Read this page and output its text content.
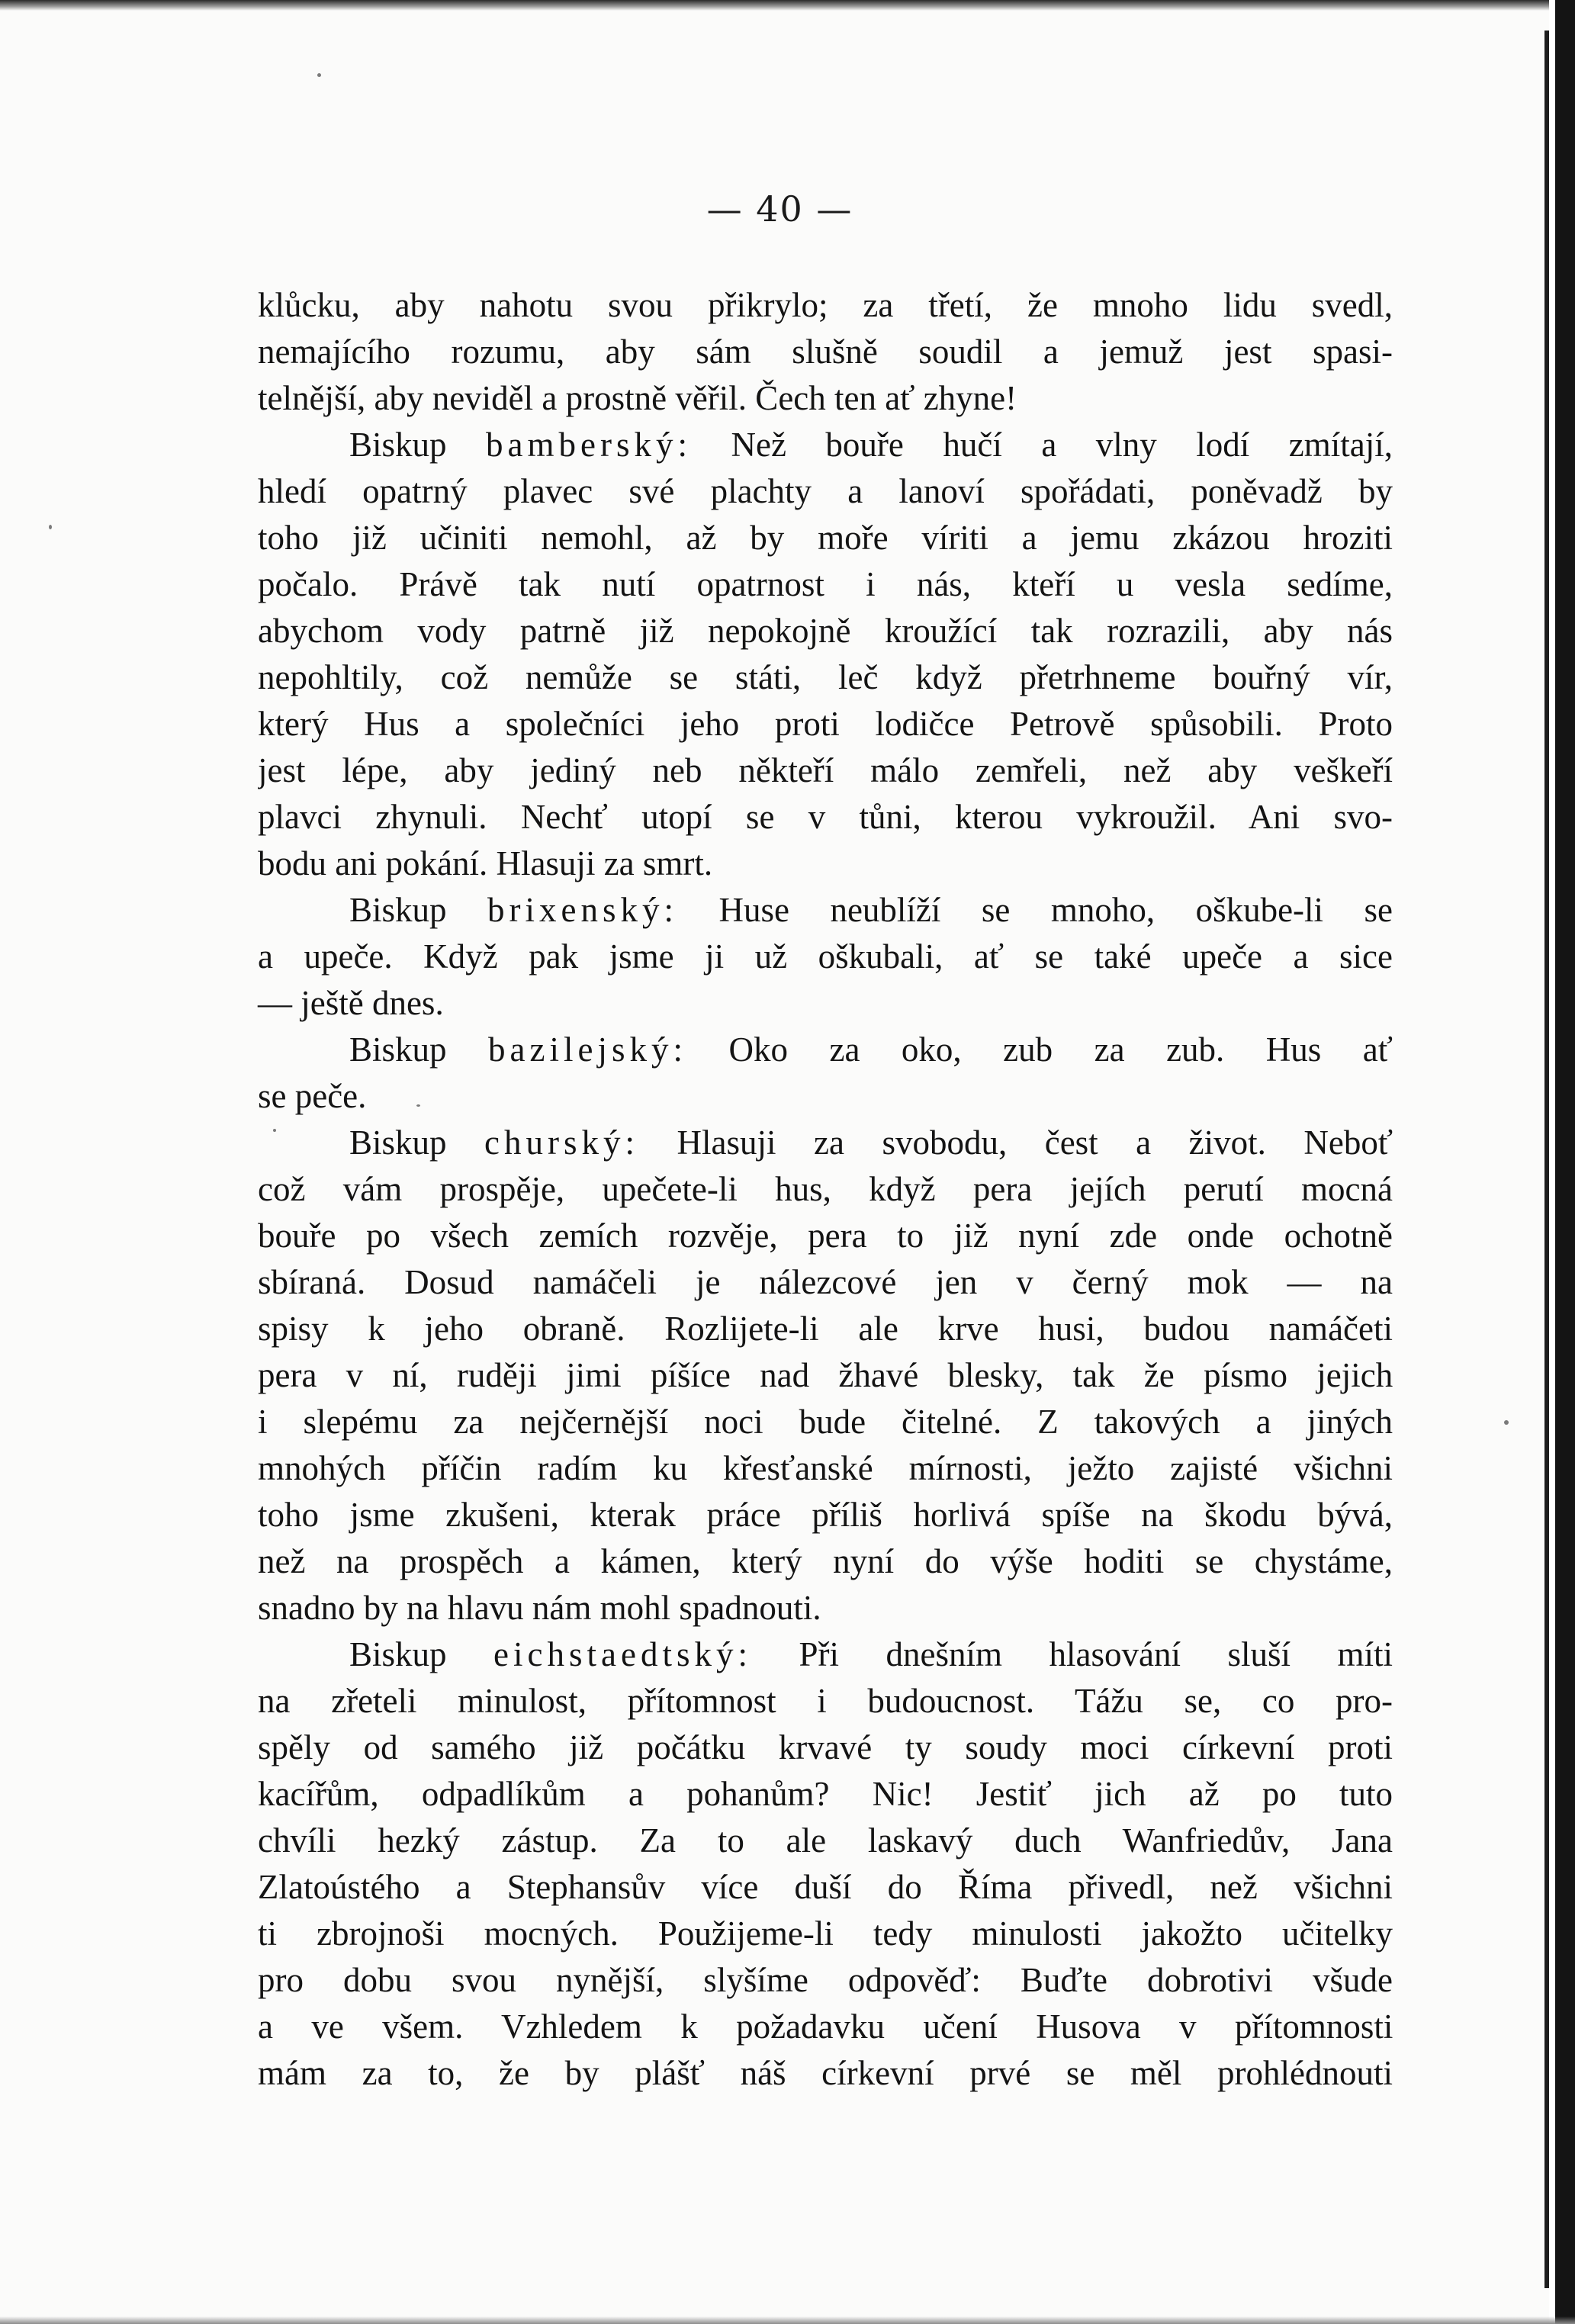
— 40 —
klůcku, aby nahotu svou přikrylo; za třetí, že mnoho lidu svedl,
nemajícího rozumu, aby sám slušně soudil a jemuž jest spasi-
telnější, aby neviděl a prostně věřil. Čech ten ať zhyne!
Biskup bamberský: Než bouře hučí a vlny lodí zmítají,
hledí opatrný plavec své plachty a lanoví spořádati, poněvadž by
toho již učiniti nemohl, až by moře víriti a jemu zkázou hroziti
počalo. Právě tak nutí opatrnost i nás, kteří u vesla sedíme,
abychom vody patrně již nepokojně kroužící tak rozrazili, aby nás
nepohltily, což nemůže se státi, leč když přetrhneme bouřný vír,
který Hus a společníci jeho proti lodičce Petrově spůsobili. Proto
jest lépe, aby jediný neb někteří málo zemřeli, než aby veškeří
plavci zhynuli. Nechť utopí se v tůni, kterou vykroužil. Ani svo-
bodu ani pokání. Hlasuji za smrt.
Biskup brixenský: Huse neublíží se mnoho, oškube-li se
a upeče. Když pak jsme ji už oškubali, ať se také upeče a sice
— ještě dnes.
Biskup bazilejský: Oko za oko, zub za zub. Hus ať
se peče.
Biskup churský: Hlasuji za svobodu, čest a život. Neboť
což vám prospěje, upečete-li hus, když pera jejích perutí mocná
bouře po všech zemích rozvěje, pera to již nyní zde onde ochotně
sbíraná. Dosud namáčeli je nálezcové jen v černý mok — na
spisy k jeho obraně. Rozlijete-li ale krve husi, budou namáčeti
pera v ní, ruději jimi píšíce nad žhavé blesky, tak že písmo jejich
i slepému za nejčernější noci bude čitelné. Z takových a jiných
mnohých příčin radím ku křesťanské mírnosti, ježto zajisté všichni
toho jsme zkušeni, kterak práce příliš horlivá spíše na škodu bývá,
než na prospěch a kámen, který nyní do výše hoditi se chystáme,
snadno by na hlavu nám mohl spadnouti.
Biskup eichstaedtský: Při dnešním hlasování sluší míti
na zřeteli minulost, přítomnost i budoucnost. Tážu se, co pro-
spěly od samého již počátku krvavé ty soudy moci církevní proti
kacířům, odpadlíkům a pohanům? Nic! Jestiť jich až po tuto
chvíli hezký zástup. Za to ale laskavý duch Wanfriedův, Jana
Zlatoústého a Stephansův více duší do Říma přivedl, než všichni
ti zbrojnoši mocných. Použijeme-li tedy minulosti jakožto učitelky
pro dobu svou nynější, slyšíme odpověď: Buďte dobrotivi všude
a ve všem. Vzhledem k požadavku učení Husova v přítomnosti
mám za to, že by plášť náš církevní prvé se měl prohlédnouti
